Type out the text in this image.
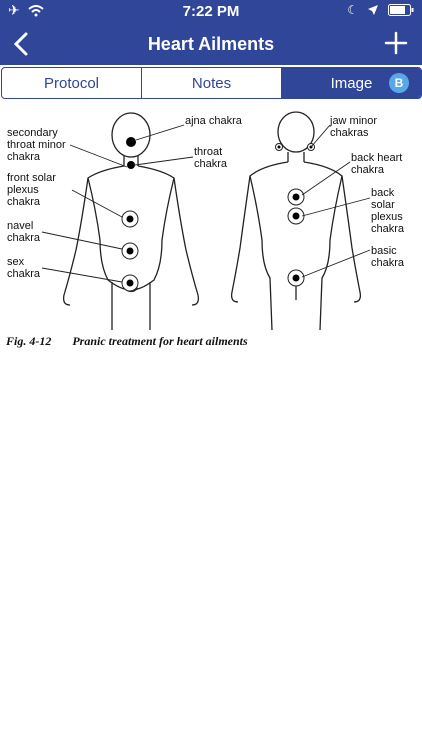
✈	7:22 PM	☾
Heart Ailments
Protocol	Notes	Image	B
ajna chakra
secondary
throat minor
chakra	throat
chakra
front solar
plexus
chakra
navel
chakra
sex
chakra
jaw minor
chakras
back heart
chakra
back
solar
plexus
chakra
basic
chakra
Fig. 4-12 Pranic treatment for heart ailments
